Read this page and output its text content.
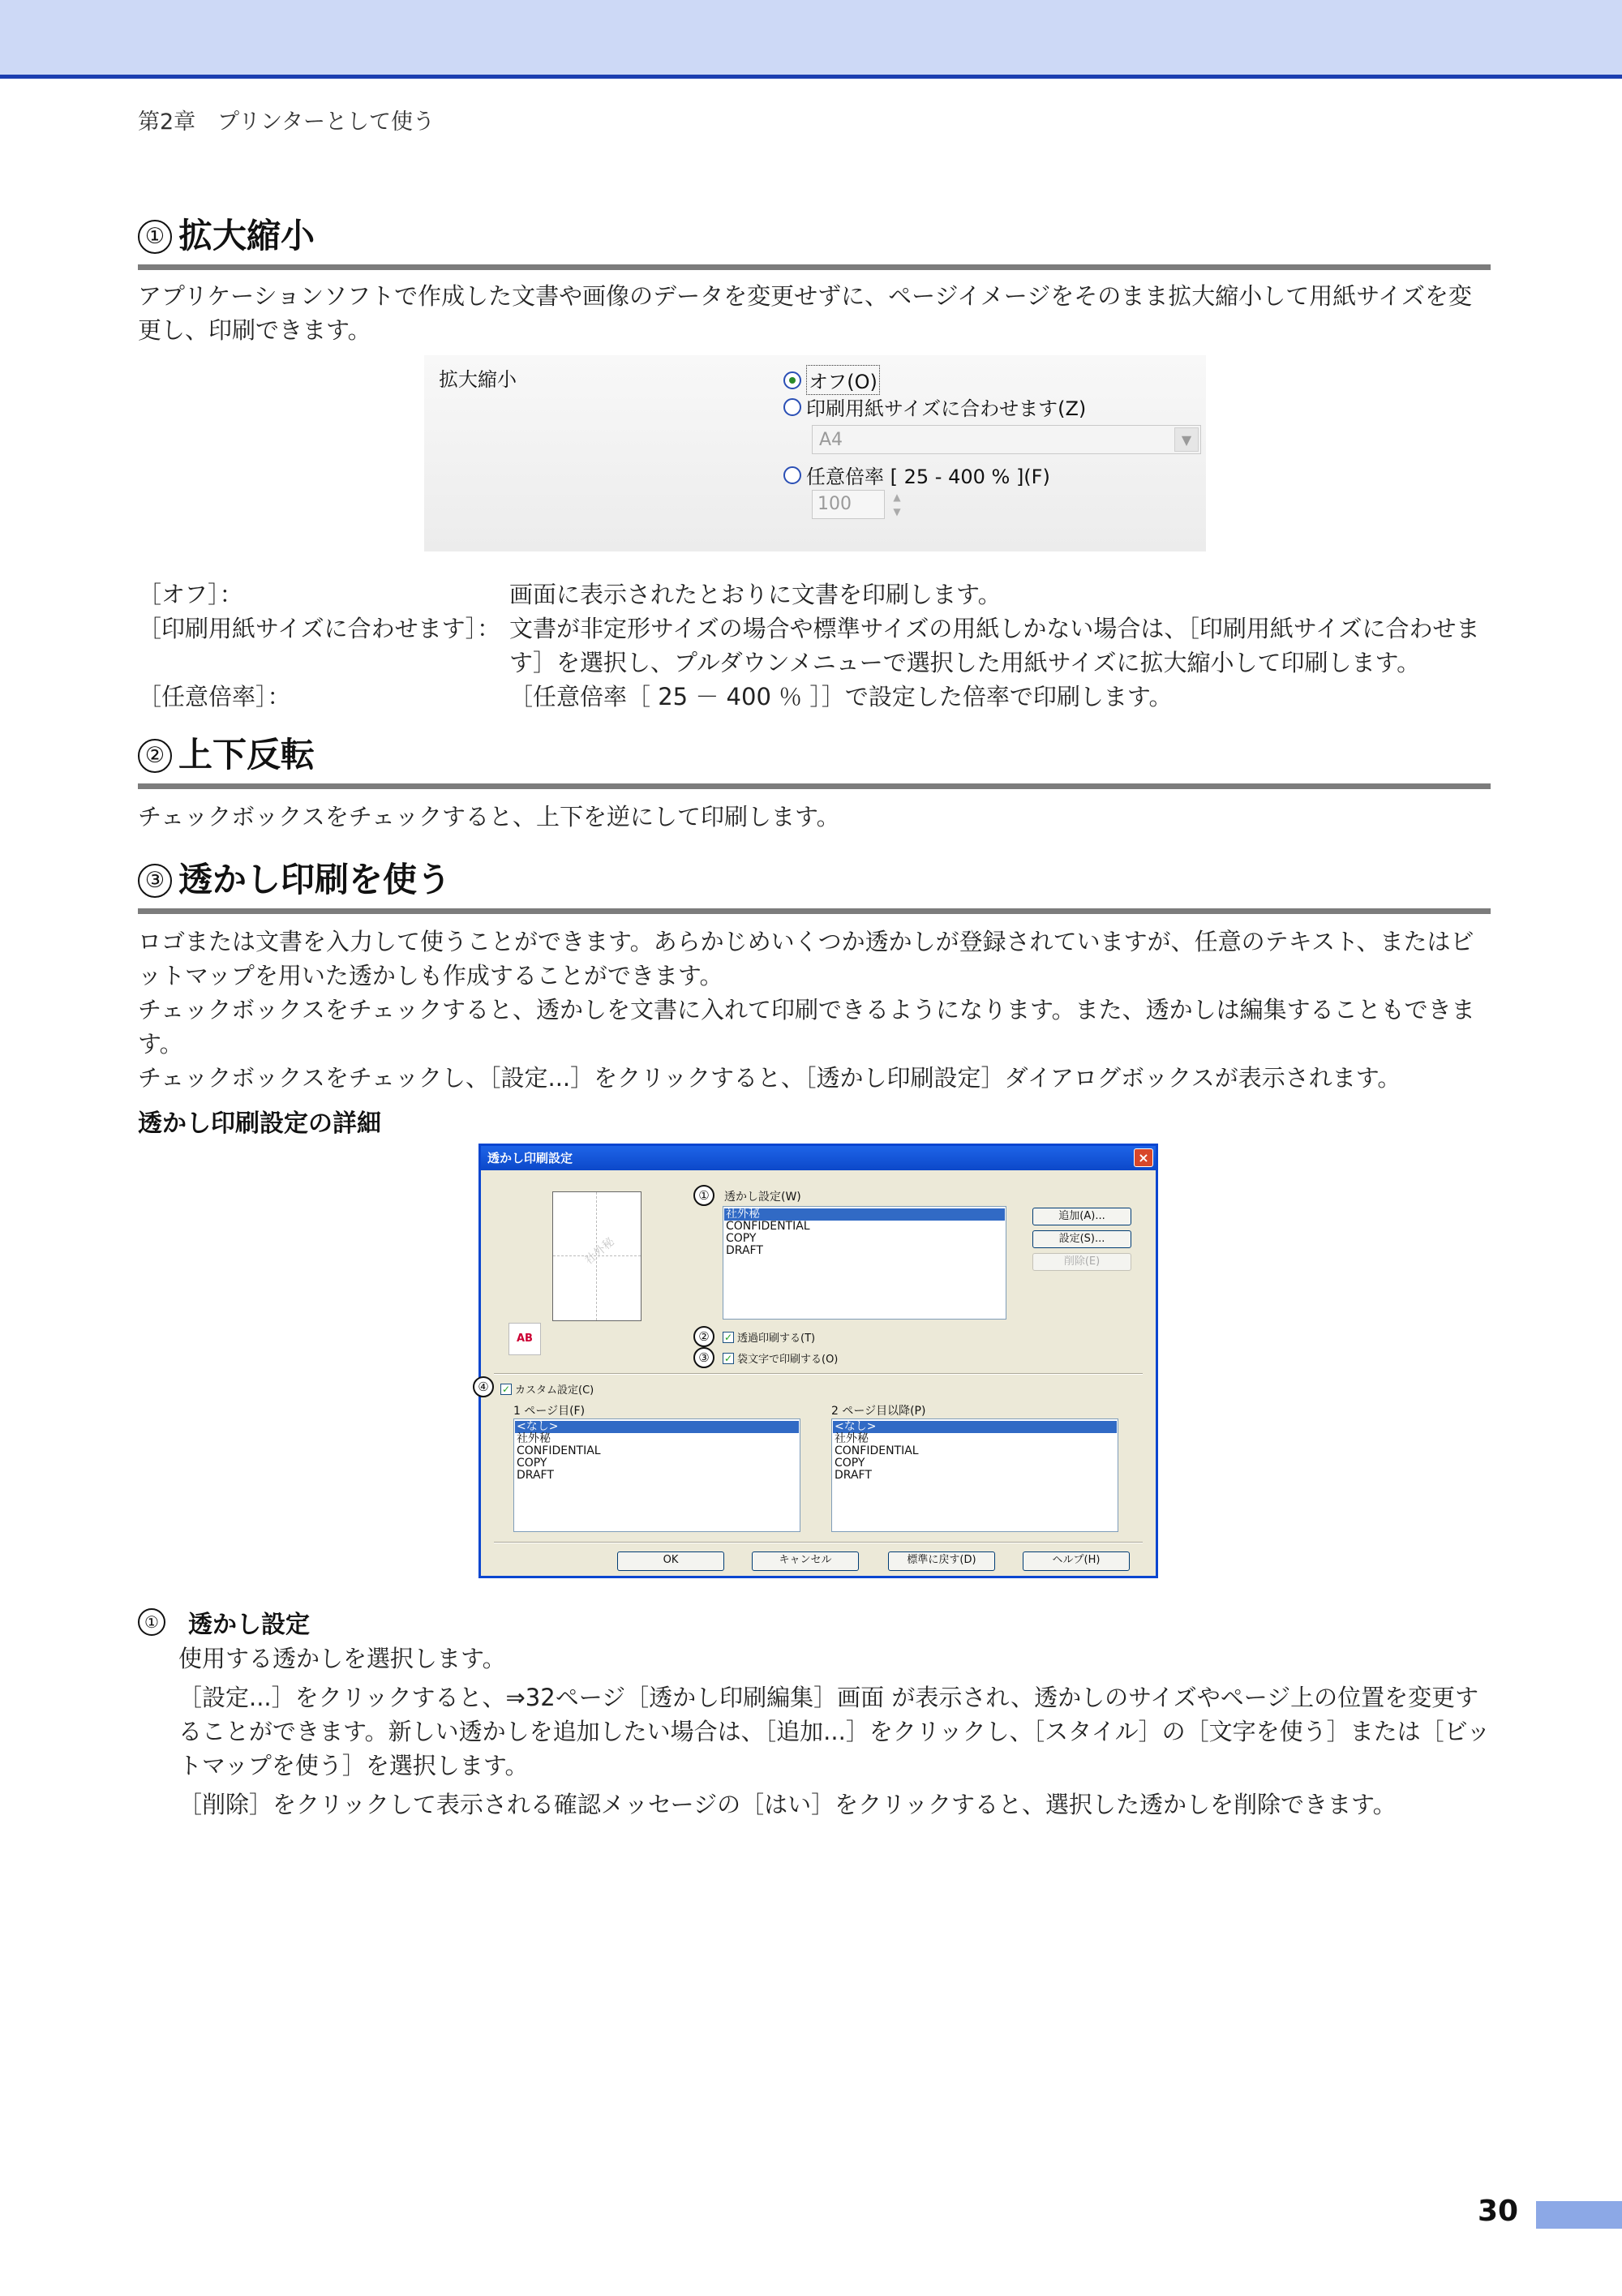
第2章　プリンターとして使う
① 拡大縮小
アプリケーションソフトで作成した文書や画像のデータを変更せずに、ページイメージをそのまま拡大縮小して用紙サイズを変更し、印刷できます。
拡大縮小	オフ(O)
印刷用紙サイズに合わせます(Z)
A4	▼
任意倍率 [ 25 - 400 % ](F)
100	▲
▼
［オフ］：	画面に表示されたとおりに文書を印刷します。
［印刷用紙サイズに合わせます］： 文書が非定形サイズの場合や標準サイズの用紙しかない場合は、［印刷用紙サイズに合わせます］を選択し、プルダウンメニューで選択した用紙サイズに拡大縮小して印刷します。
［任意倍率］：	［任意倍率［ 25 － 400 ％ ］］で設定した倍率で印刷します。
② 上下反転
チェックボックスをチェックすると、上下を逆にして印刷します。
③ 透かし印刷を使う

ロゴまたは文書を入力して使うことができます。あらかじめいくつか透かしが登録されていますが、任意のテキスト、またはビットマップを用いた透かしも作成することができます。

チェックボックスをチェックすると、透かしを文書に入れて印刷できるようになります。また、透かしは編集することもできます。

チェックボックスをチェックし、［設定...］をクリックすると、［透かし印刷設定］ダイアログボックスが表示されます。

透かし印刷設定の詳細
透かし印刷設定	×
社外秘
AB
①	透かし設定(W)
社外秘
CONFIDENTIAL
COPY
DRAFT
追加(A)...
設定(S)...
削除(E)
②	✓ 透過印刷する(T)
③	✓ 袋文字で印刷する(O)
④	✓ カスタム設定(C)
1 ページ目(F)	2 ページ目以降(P)
<なし>
社外秘
CONFIDENTIAL
COPY
DRAFT
<なし>
社外秘
CONFIDENTIAL
COPY
DRAFT
OK	キャンセル	標準に戻す(D)	ヘルプ(H)
① 透かし設定

使用する透かしを選択します。

［設定...］をクリックすると、⇒32ページ［透かし印刷編集］画面 が表示され、透かしのサイズやページ上の位置を変更することができます。新しい透かしを追加したい場合は、［追加...］をクリックし、［スタイル］の［文字を使う］または［ビットマップを使う］を選択します。

［削除］をクリックして表示される確認メッセージの［はい］をクリックすると、選択した透かしを削除できます。

30
